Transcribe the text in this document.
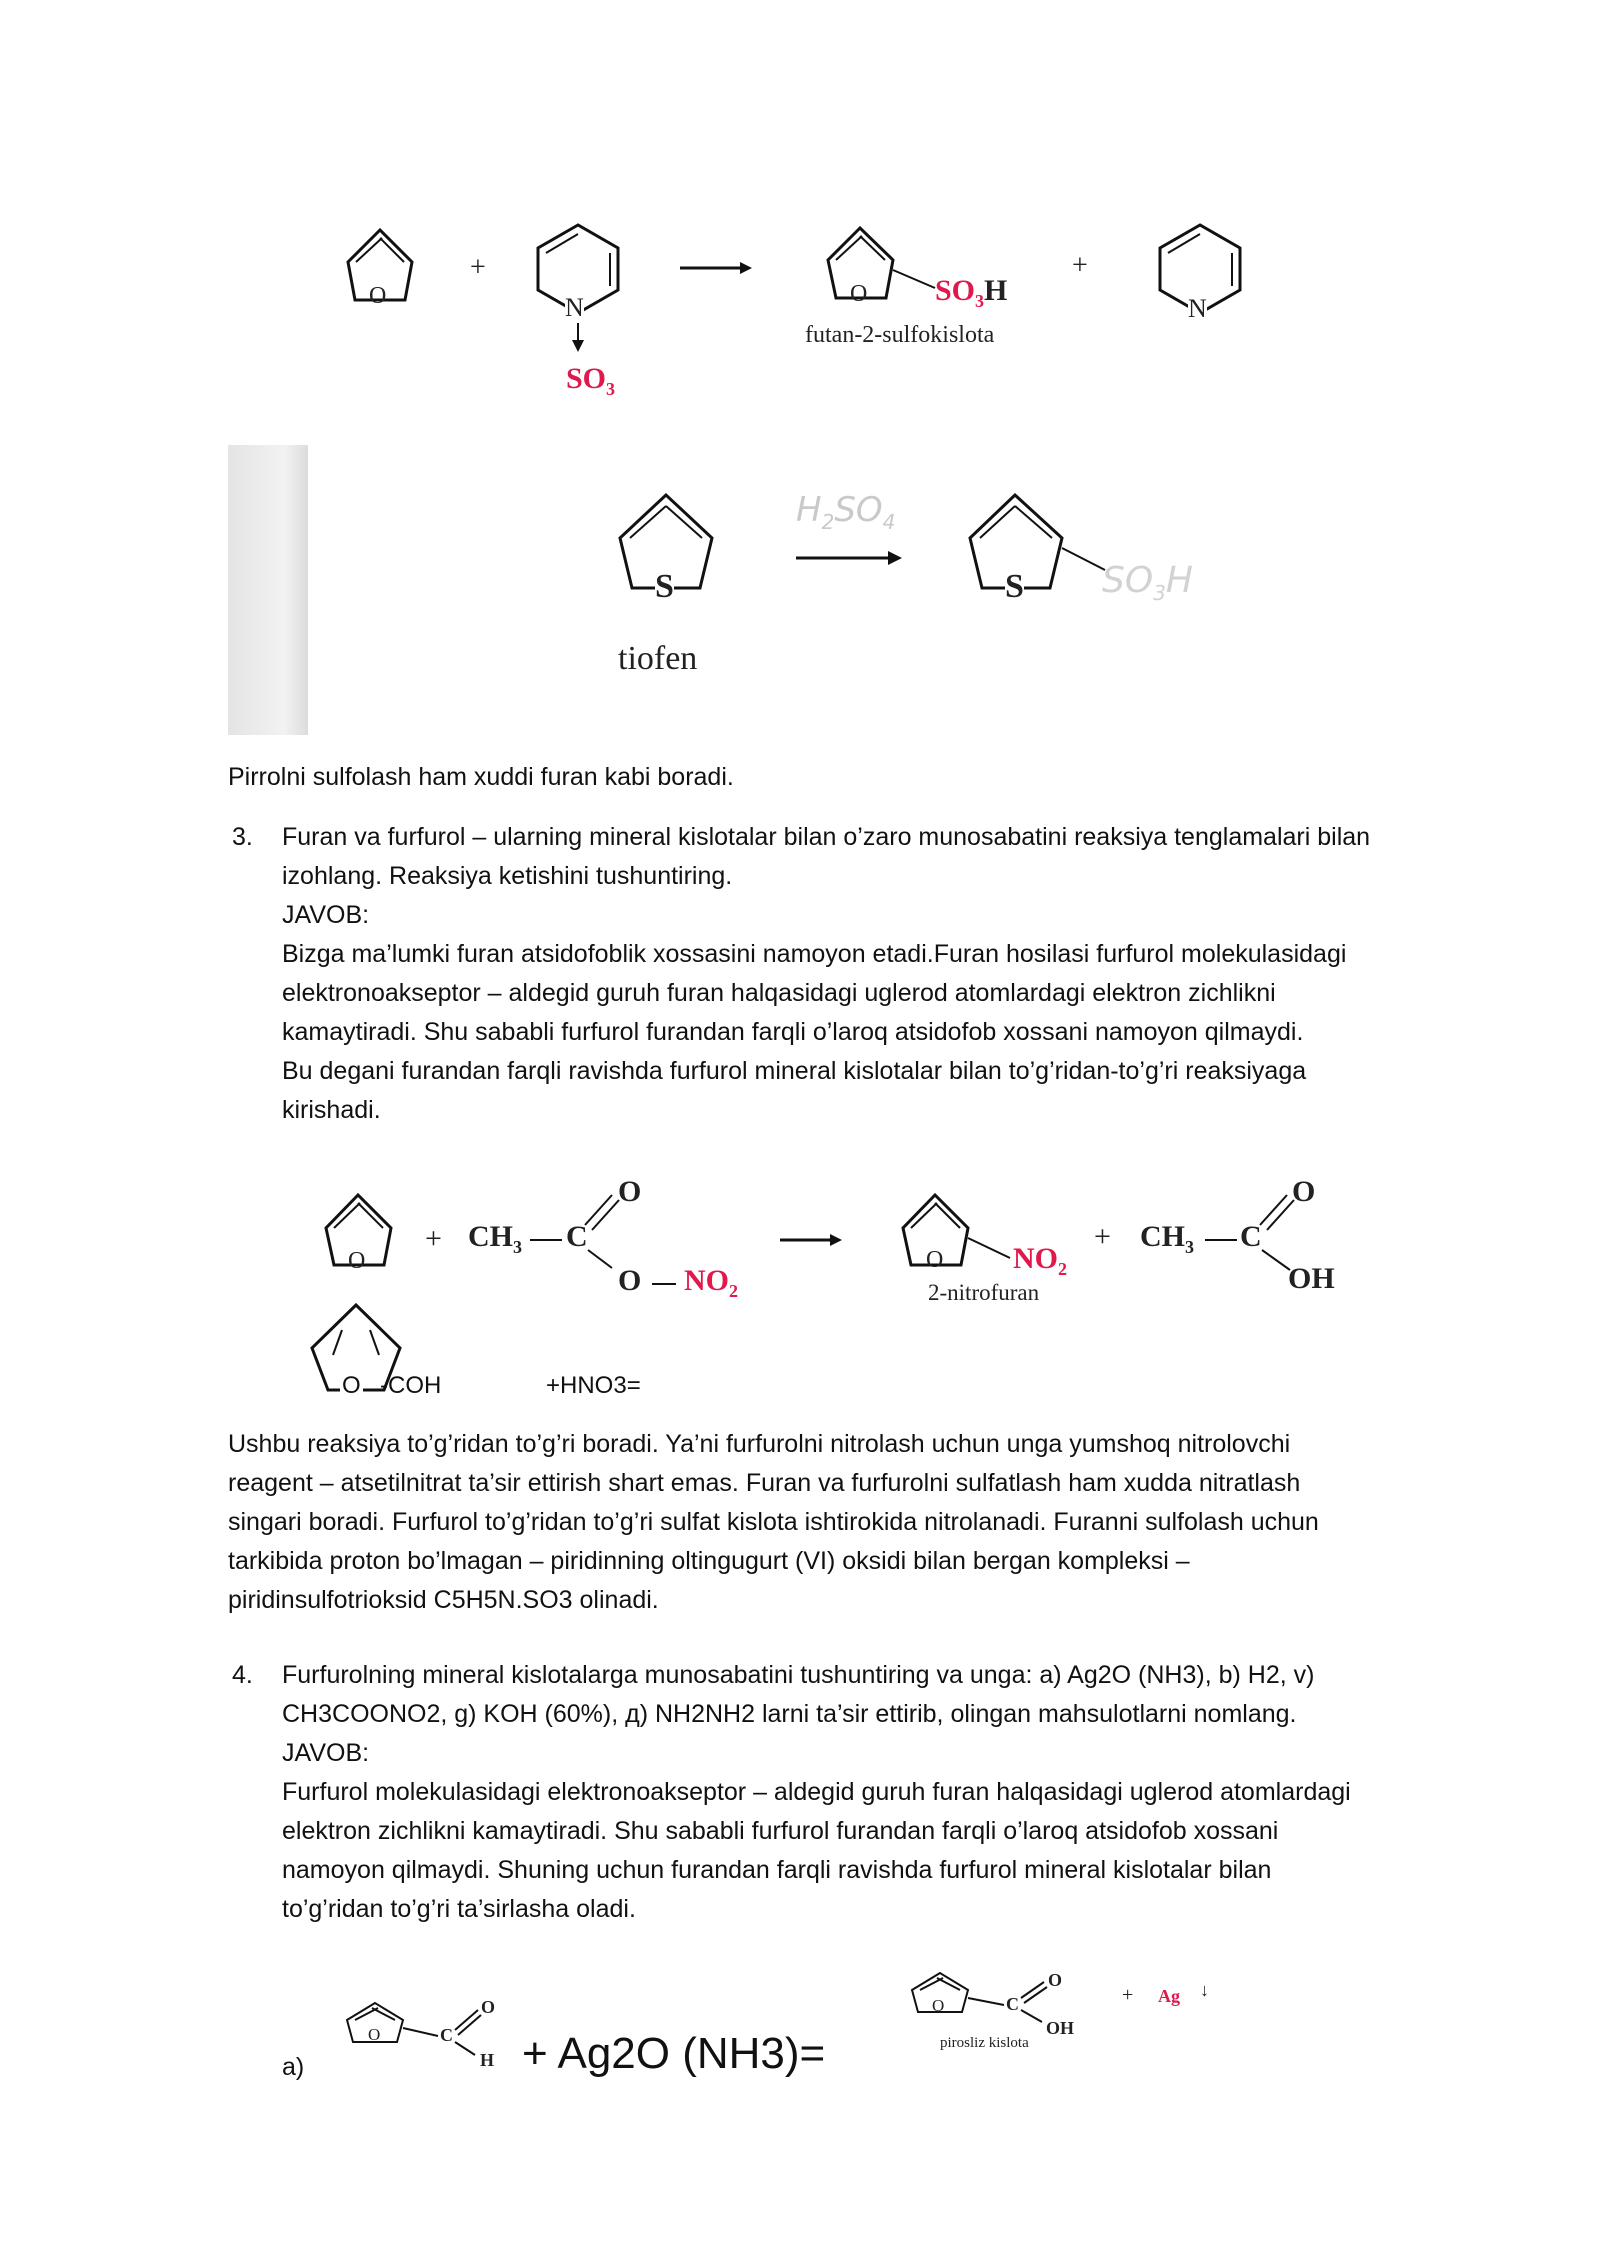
O
+
N
$SO_3$
O $SO_3H$
futan-2-sulfokislota
+
N
S
tiofen
$H_2SO_4$
S $SO_3H$
Pirrolni sulfolash ham xuddi furan kabi boradi.
3. Furan va furfurol – ularning mineral kislotalar bilan o’zaro munosabatini reaksiya tenglamalari bilan
izohlang. Reaksiya ketishini tushuntiring.
JAVOB:
Bizga ma’lumki furan atsidofoblik xossasini namoyon etadi.Furan hosilasi furfurol molekulasidagi
elektronoakseptor – aldegid guruh furan halqasidagi uglerod atomlardagi elektron zichlikni
kamaytiradi. Shu sababli furfurol furandan farqli o’laroq atsidofob xossani namoyon qilmaydi.
Bu degani furandan farqli ravishda furfurol mineral kislotalar bilan to’g’ridan-to’g’ri reaksiyaga
kirishadi.
O
+ $CH_3$ C
O
O $NO_2$
O $NO_2$
2-nitrofuran
+ $CH_3$ C
O
OH
O -COH	+HNO3=
Ushbu reaksiya to’g’ridan to’g’ri boradi. Ya’ni furfurolni nitrolash uchun unga yumshoq nitrolovchi
reagent – atsetilnitrat ta’sir ettirish shart emas. Furan va furfurolni sulfatlash ham xudda nitratlash
singari boradi. Furfurol to’g’ridan to’g’ri sulfat kislota ishtirokida nitrolanadi. Furanni sulfolash uchun
tarkibida proton bo’lmagan – piridinning oltingugurt (VI) oksidi bilan bergan kompleksi –
piridinsulfotrioksid C5H5N.SO3 olinadi.
4. Furfurolning mineral kislotalarga munosabatini tushuntiring va unga: a) Ag2O (NH3), b) H2, v)
CH3COONO2, g) KOH (60%), д) NH2NH2 larni ta’sir ettirib, olingan mahsulotlarni nomlang.
JAVOB:
Furfurol molekulasidagi elektronoakseptor – aldegid guruh furan halqasidagi uglerod atomlardagi
elektron zichlikni kamaytiradi. Shu sababli furfurol furandan farqli o’laroq atsidofob xossani
namoyon qilmaydi. Shuning uchun furandan farqli ravishda furfurol mineral kislotalar bilan
to’g’ridan to’g’ri ta’sirlasha oladi.
a)
O	C
O
H + Ag2O (NH3)=
O	C
O
OH
pirosliz kislota
+ Ag ↓
